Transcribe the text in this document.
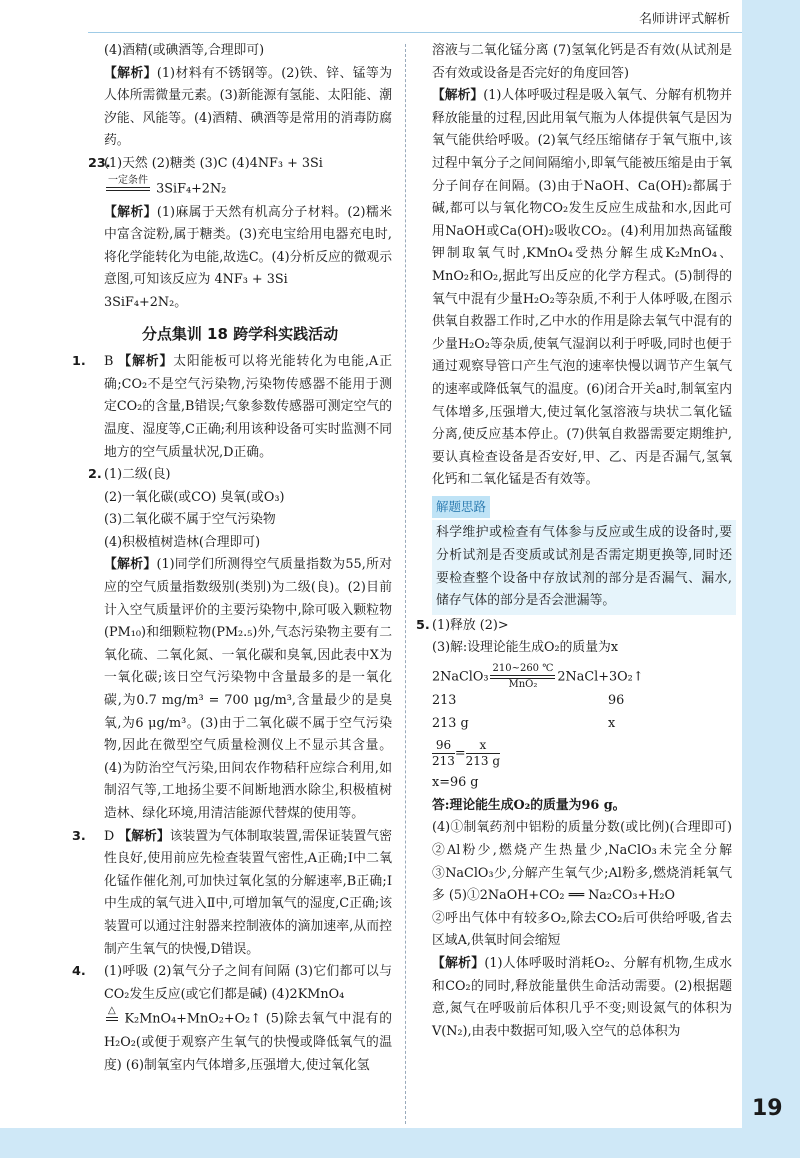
名师讲评式解析

(4)酒精(或碘酒等,合理即可)

【解析】(1)材料有不锈钢等。(2)铁、锌、锰等为人体所需微量元素。(3)新能源有氢能、太阳能、潮汐能、风能等。(4)酒精、碘酒等是常用的消毒防腐药。

23.(1)天然 (2)糖类 (3)C (4)4NF₃ + 3Si

一定条件

3SiF₄+2N₂

【解析】(1)麻属于天然有机高分子材料。(2)糯米中富含淀粉,属于糖类。(3)充电宝给用电器充电时,将化学能转化为电能,故选C。(4)分析反应的微观示意图,可知该反应为 4NF₃ + 3Si

3SiF₄+2N₂。

分点集训 18 跨学科实践活动

1. B 【解析】太阳能板可以将光能转化为电能,A正确;CO₂不是空气污染物,污染物传感器不能用于测定CO₂的含量,B错误;气象参数传感器可测定空气的温度、湿度等,C正确;利用该种设备可实时监测不同地方的空气质量状况,D正确。

2. (1)二级(良)

(2)一氧化碳(或CO) 臭氧(或O₃)

(3)二氧化碳不属于空气污染物

(4)积极植树造林(合理即可)

【解析】(1)同学们所测得空气质量指数为55,所对应的空气质量指数级别(类别)为二级(良)。(2)目前计入空气质量评价的主要污染物中,除可吸入颗粒物(PM₁₀)和细颗粒物(PM₂.₅)外,气态污染物主要有二氧化硫、二氧化氮、一氧化碳和臭氧,因此表中X为一氧化碳;该日空气污染物中含量最多的是一氧化碳,为0.7 mg/m³ = 700 μg/m³,含量最少的是臭氧,为6 μg/m³。(3)由于二氧化碳不属于空气污染物,因此在微型空气质量检测仪上不显示其含量。(4)为防治空气污染,田间农作物秸秆应综合利用,如制沼气等,工地扬尘要不间断地洒水除尘,积极植树造林、绿化环境,用清洁能源代替煤的使用等。

3. D 【解析】该装置为气体制取装置,需保证装置气密性良好,使用前应先检查装置气密性,A正确;Ⅰ中二氧化锰作催化剂,可加快过氧化氢的分解速率,B正确;Ⅰ中生成的氧气进入Ⅱ中,可增加氧气的湿度,C正确;该装置可以通过注射器来控制液体的滴加速率,从而控制产生氧气的快慢,D错误。

4. (1)呼吸 (2)氧气分子之间有间隔 (3)它们都可以与CO₂发生反应(或它们都是碱) (4)2KMnO₄

△

K₂MnO₄+MnO₂+O₂↑ (5)除去氧气中混有的H₂O₂(或便于观察产生氧气的快慢或降低氧气的温度) (6)制氧室内气体增多,压强增大,使过氧化氢

溶液与二氧化锰分离 (7)氢氧化钙是否有效(从试剂是否有效或设备是否完好的角度回答)

【解析】(1)人体呼吸过程是吸入氧气、分解有机物并释放能量的过程,因此用氧气瓶为人体提供氧气是因为氧气能供给呼吸。(2)氧气经压缩储存于氧气瓶中,该过程中氧分子之间间隔缩小,即氧气能被压缩是由于氧分子间存在间隔。(3)由于NaOH、Ca(OH)₂都属于碱,都可以与氧化物CO₂发生反应生成盐和水,因此可用NaOH或Ca(OH)₂吸收CO₂。(4)利用加热高锰酸钾制取氧气时,KMnO₄受热分解生成K₂MnO₄、MnO₂和O₂,据此写出反应的化学方程式。(5)制得的氧气中混有少量H₂O₂等杂质,不利于人体呼吸,在图示供氧自救器工作时,乙中水的作用是除去氧气中混有的少量H₂O₂等杂质,使氧气湿润以利于呼吸,同时也便于通过观察导管口产生气泡的速率快慢以调节产生氧气的速率或降低氧气的温度。(6)闭合开关a时,制氧室内气体增多,压强增大,使过氧化氢溶液与块状二氧化锰分离,使反应基本停止。(7)供氧自救器需要定期维护,要认真检查设备是否安好,甲、乙、丙是否漏气,氢氧化钙和二氧化锰是否有效等。

解题思路

科学维护或检查有气体参与反应或生成的设备时,要分析试剂是否变质或试剂是否需定期更换等,同时还要检查整个设备中存放试剂的部分是否漏气、漏水,储存气体的部分是否会泄漏等。

5. (1)释放 (2)>

(3)解:设理论能生成O₂的质量为x

2NaClO₃
210~260 ℃
MnO₂	2NaCl+3O₂↑

213	96

213 g	x

$\frac{96}{213} = \frac{x}{213 g}$

x=96 g

答:理论能生成O₂的质量为96 g。

(4)①制氧药剂中铝粉的质量分数(或比例)(合理即可) ②Al粉少,燃烧产生热量少,NaClO₃未完全分解 ③NaClO₃少,分解产生氧气少;Al粉多,燃烧消耗氧气多 (5)①2NaOH+CO₂ ══ Na₂CO₃+H₂O

②呼出气体中有较多O₂,除去CO₂后可供给呼吸,省去区域A,供氧时间会缩短

【解析】(1)人体呼吸时消耗O₂、分解有机物,生成水和CO₂的同时,释放能量供生命活动需要。(2)根据题意,氮气在呼吸前后体积几乎不变;则设氮气的体积为V(N₂),由表中数据可知,吸入空气的总体积为

19
